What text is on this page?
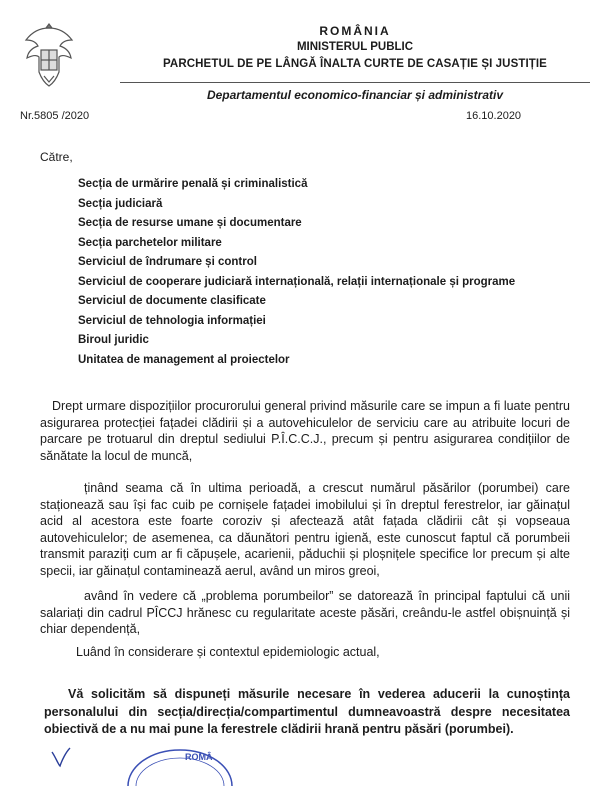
ROMÂNIA
MINISTERUL PUBLIC
PARCHETUL DE PE LÂNGĂ ÎNALTA CURTE DE CASAȚIE ȘI JUSTIȚIE
Departamentul economico-financiar și administrativ
Nr.5805 /2020	16.10.2020
Către,
Secția de urmărire penală și criminalistică
Secția judiciară
Secția de resurse umane și documentare
Secția parchetelor militare
Serviciul de îndrumare și control
Serviciul de cooperare judiciară internațională, relații internaționale și programe
Serviciul de documente clasificate
Serviciul de tehnologia informației
Biroul juridic
Unitatea de management al proiectelor

Drept urmare dispozițiilor procurorului general privind măsurile care se impun a fi luate pentru asigurarea protecției fațadei clădirii și a autovehiculelor de serviciu care au atribuite locuri de parcare pe trotuarul din dreptul sediului P.Î.C.C.J., precum și pentru asigurarea condițiilor de sănătate la locul de muncă,

ținând seama că în ultima perioadă, a crescut numărul păsărilor (porumbei) care staționează sau își fac cuib pe cornișele fațadei imobilului și în dreptul ferestrelor, iar găinațul acid al acestora este foarte coroziv și afectează atât fațada clădirii cât și vopseaua autovehiculelor; de asemenea, ca dăunători pentru igienă, este cunoscut faptul că porumbeii transmit paraziți cum ar fi căpușele, acarienii, păduchii și ploșnițele specifice lor precum și alte specii, iar găinațul contaminează aerul, având un miros greoi,

având în vedere că „problema porumbeilor” se datorează în principal faptului că unii salariați din cadrul PÎCCJ hrănesc cu regularitate aceste păsări, creându-le astfel obișnuință și chiar dependență,

Luând în considerare și contextul epidemiologic actual,

Vă solicităm să dispuneți măsurile necesare în vederea aducerii la cunoștința personalului din secția/direcția/compartimentul dumneavoastră despre necesitatea obiectivă de a nu mai pune la ferestrele clădirii hrană pentru păsări (porumbei).

ROMÂ
